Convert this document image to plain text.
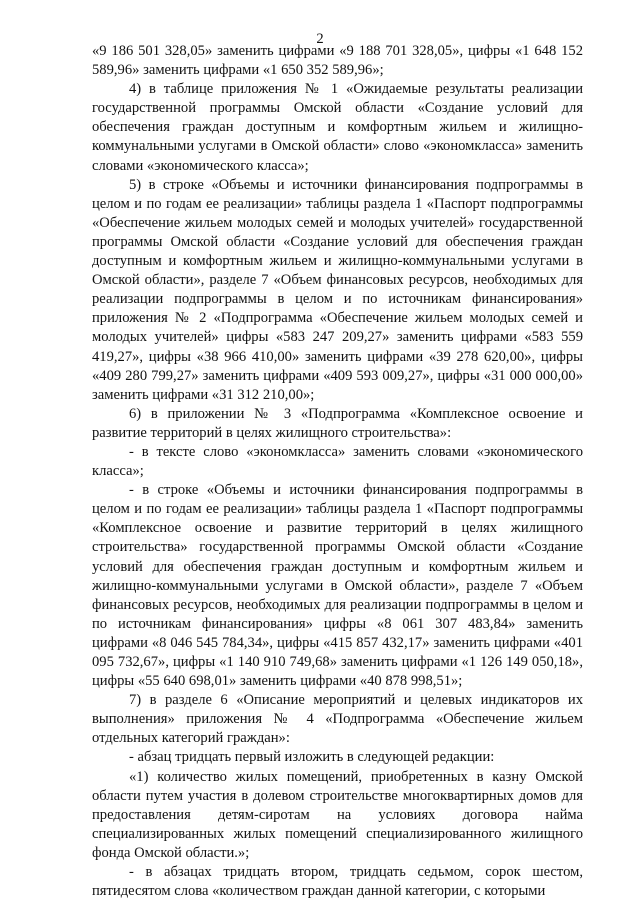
2

«9 186 501 328,05» заменить цифрами «9 188 701 328,05», цифры «1 648 152 589,96» заменить цифрами «1 650 352 589,96»;

4) в таблице приложения № 1 «Ожидаемые результаты реализации государственной программы Омской области «Создание условий для обеспечения граждан доступным и комфортным жильем и жилищно-коммунальными услугами в Омской области» слово «экономкласса» заменить словами «экономического класса»;

5) в строке «Объемы и источники финансирования подпрограммы в целом и по годам ее реализации» таблицы раздела 1 «Паспорт подпрограммы «Обеспечение жильем молодых семей и молодых учителей» государственной программы Омской области «Создание условий для обеспечения граждан доступным и комфортным жильем и жилищно-коммунальными услугами в Омской области», разделе 7 «Объем финансовых ресурсов, необходимых для реализации подпрограммы в целом и по источникам финансирования» приложения № 2 «Подпрограмма «Обеспечение жильем молодых семей и молодых учителей» цифры «583 247 209,27» заменить цифрами «583 559 419,27», цифры «38 966 410,00» заменить цифрами «39 278 620,00», цифры «409 280 799,27» заменить цифрами «409 593 009,27», цифры «31 000 000,00» заменить цифрами «31 312 210,00»;

6) в приложении № 3 «Подпрограмма «Комплексное освоение и развитие территорий в целях жилищного строительства»:

- в тексте слово «экономкласса» заменить словами «экономического класса»;

- в строке «Объемы и источники финансирования подпрограммы в целом и по годам ее реализации» таблицы раздела 1 «Паспорт подпрограммы «Комплексное освоение и развитие территорий в целях жилищного строительства» государственной программы Омской области «Создание условий для обеспечения граждан доступным и комфортным жильем и жилищно-коммунальными услугами в Омской области», разделе 7 «Объем финансовых ресурсов, необходимых для реализации подпрограммы в целом и по источникам финансирования» цифры «8 061 307 483,84» заменить цифрами «8 046 545 784,34», цифры «415 857 432,17» заменить цифрами «401 095 732,67», цифры «1 140 910 749,68» заменить цифрами «1 126 149 050,18», цифры «55 640 698,01» заменить цифрами «40 878 998,51»;

7) в разделе 6 «Описание мероприятий и целевых индикаторов их выполнения» приложения № 4 «Подпрограмма «Обеспечение жильем отдельных категорий граждан»:

- абзац тридцать первый изложить в следующей редакции:

«1) количество жилых помещений, приобретенных в казну Омской области путем участия в долевом строительстве многоквартирных домов для предоставления детям-сиротам на условиях договора найма специализированных жилых помещений специализированного жилищного фонда Омской области.»;

- в абзацах тридцать втором, тридцать седьмом, сорок шестом, пятидесятом слова «количеством граждан данной категории, с которыми
